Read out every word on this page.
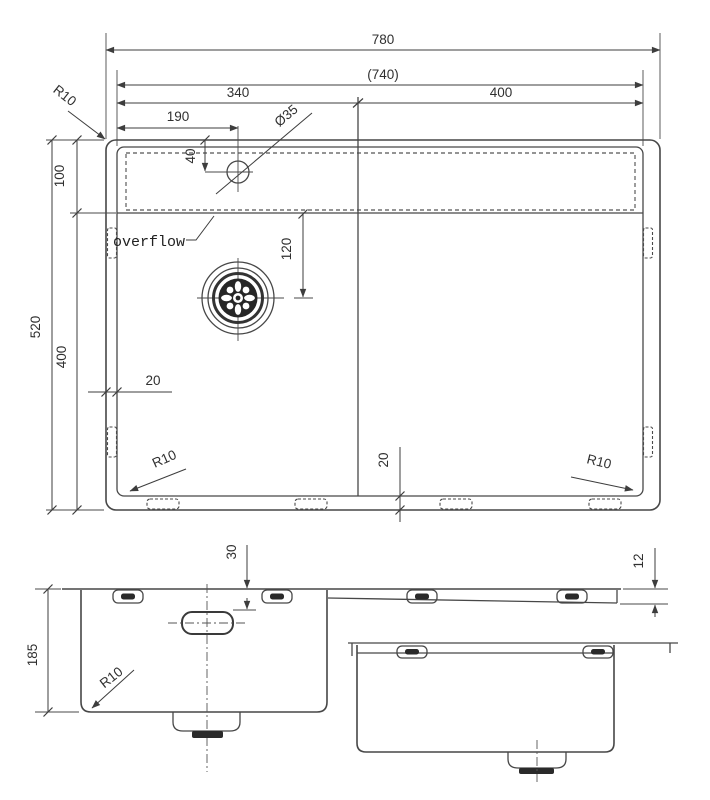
780
(740)
340	400
190	Ø35
40
100
520
400
120
20
20
R10
R10	R10
overflow
185
30
R10
12
